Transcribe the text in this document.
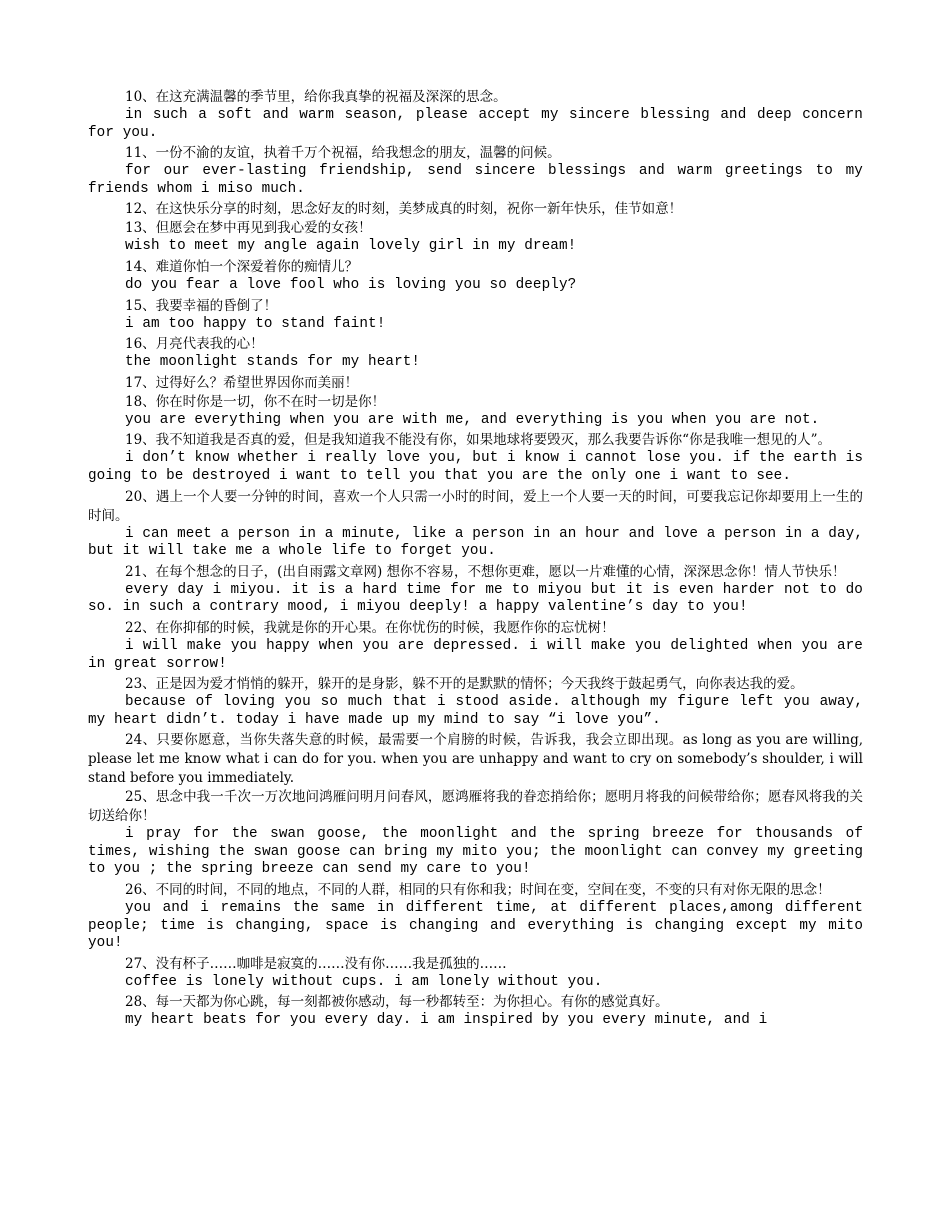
10、在这充满温馨的季节里，给你我真挚的祝福及深深的思念。

in such a soft and warm season, please accept my sincere blessing and deep concern for you.

11、一份不渝的友谊，执着千万个祝福，给我想念的朋友，温馨的问候。

for our ever-lasting friendship, send sincere blessings and warm greetings to my friends whom i miso much.

12、在这快乐分享的时刻，思念好友的时刻，美梦成真的时刻，祝你一新年快乐，佳节如意！

13、但愿会在梦中再见到我心爱的女孩！

wish to meet my angle again lovely girl in my dream!

14、难道你怕一个深爱着你的痴情儿？

do you fear a love fool who is loving you so deeply?

15、我要幸福的昏倒了！

i am too happy to stand faint!

16、月亮代表我的心！

the moonlight stands for my heart!

17、过得好么？希望世界因你而美丽！

18、你在时你是一切，你不在时一切是你！

you are everything when you are with me, and everything is you when you are not.

19、我不知道我是否真的爱，但是我知道我不能没有你，如果地球将要毁灭，那么我要告诉你“你是我唯一想见的人”。

i don’t know whether i really love you, but i know i cannot lose you. if the earth is going to be destroyed i want to tell you that you are the only one i want to see.

20、遇上一个人要一分钟的时间，喜欢一个人只需一小时的时间，爱上一个人要一天的时间，可要我忘记你却要用上一生的时间。

i can meet a person in a minute, like a person in an hour and love a person in a day, but it will take me a whole life to forget you.

21、在每个想念的日子，(出自雨露文章网) 想你不容易，不想你更难，愿以一片难懂的心情，深深思念你！情人节快乐！

every day i miyou. it is a hard time for me to miyou but it is even harder not to do so. in such a contrary mood, i miyou deeply! a happy valentine’s day to you!

22、在你抑郁的时候，我就是你的开心果。在你忧伤的时候，我愿作你的忘忧树！

i will make you happy when you are depressed. i will make you delighted when you are in great sorrow!

23、正是因为爱才悄悄的躲开，躲开的是身影，躲不开的是默默的情怀；今天我终于鼓起勇气，向你表达我的爱。

because of loving you so much that i stood aside. although my figure left you away, my heart didn’t. today i have made up my mind to say “i love you”.

24、只要你愿意，当你失落失意的时候，最需要一个肩膀的时候，告诉我，我会立即出现。as long as you are willing, please let me know what i can do for you. when you are unhappy and want to cry on somebody’s shoulder, i will stand before you immediately.

25、思念中我一千次一万次地问鸿雁问明月问春风，愿鸿雁将我的眷恋捎给你；愿明月将我的问候带给你；愿春风将我的关切送给你！

i pray for the swan goose, the moonlight and the spring breeze for thousands of times, wishing the swan goose can bring my mito you; the moonlight can convey my greeting to you ; the spring breeze can send my care to you!

26、不同的时间，不同的地点，不同的人群，相同的只有你和我；时间在变，空间在变，不变的只有对你无限的思念！

you and i remains the same in different time, at different places,among different people; time is changing, space is changing and everything is changing except my mito you!

27、没有杯子……咖啡是寂寞的……没有你……我是孤独的……

coffee is lonely without cups. i am lonely without you.

28、每一天都为你心跳，每一刻都被你感动，每一秒都转至：为你担心。有你的感觉真好。

my heart beats for you every day. i am inspired by you every minute, and i
